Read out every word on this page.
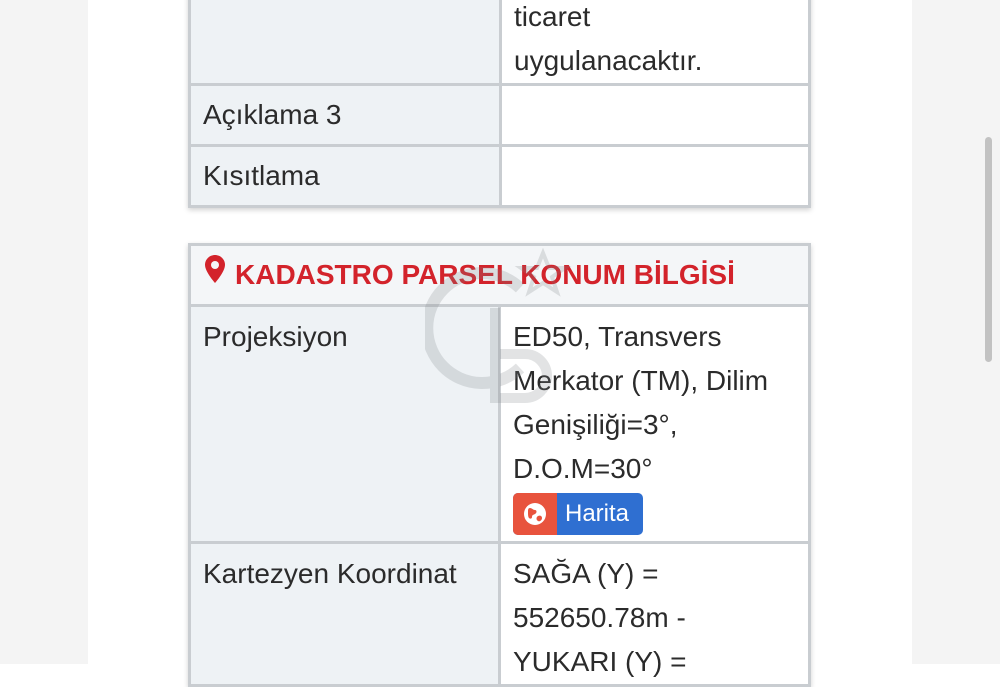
	ticaret
uygulanacaktır.

Açıklama 3	
Kısıtlama	
KADASTRO PARSEL KONUM BİLGİSİ	
Projeksiyon	ED50, Transvers
Merkator (TM), Dilim
Genişiliği=3°,
D.O.M=30°
Harita

Kartezyen Koordinat	SAĞA (Y) =
552650.78m -
YUKARI (Y) =
